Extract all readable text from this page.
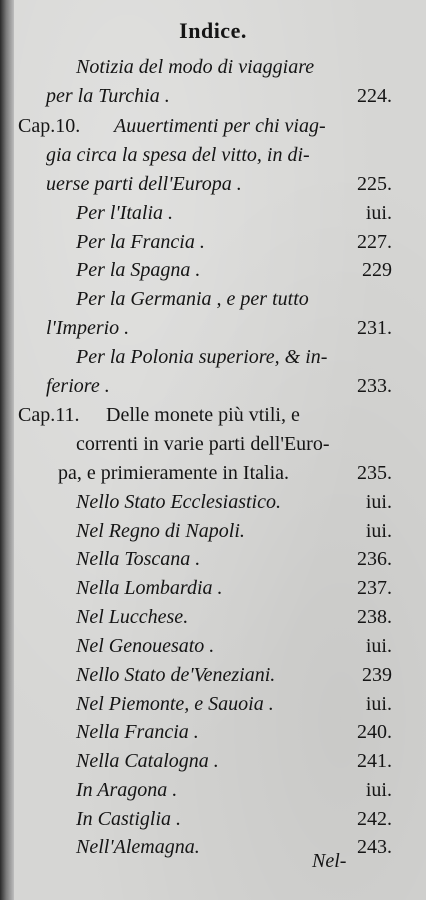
Indice.
Notizia del modo di viaggiare
per la Turchia .	224.
Cap.10. Auuertimenti per chi viag-
gia circa la spesa del vitto, in di-
uerse parti dell'Europa .	225.
Per l'Italia .	iui.
Per la Francia .	227.
Per la Spagna .	229
Per la Germania , e per tutto
l'Imperio .	231.
Per la Polonia superiore, & in-
feriore .	233.
Cap.11. Delle monete più vtili, e
correnti in varie parti dell'Euro-
pa, e primieramente in Italia.	235.
Nello Stato Ecclesiastico.	iui.
Nel Regno di Napoli.	iui.
Nella Toscana .	236.
Nella Lombardia .	237.
Nel Lucchese.	238.
Nel Genouesato .	iui.
Nello Stato de'Veneziani.	239
Nel Piemonte, e Sauoia .	iui.
Nella Francia .	240.
Nella Catalogna .	241.
In Aragona .	iui.
In Castiglia .	242.
Nell'Alemagna.	243.
Nel-
